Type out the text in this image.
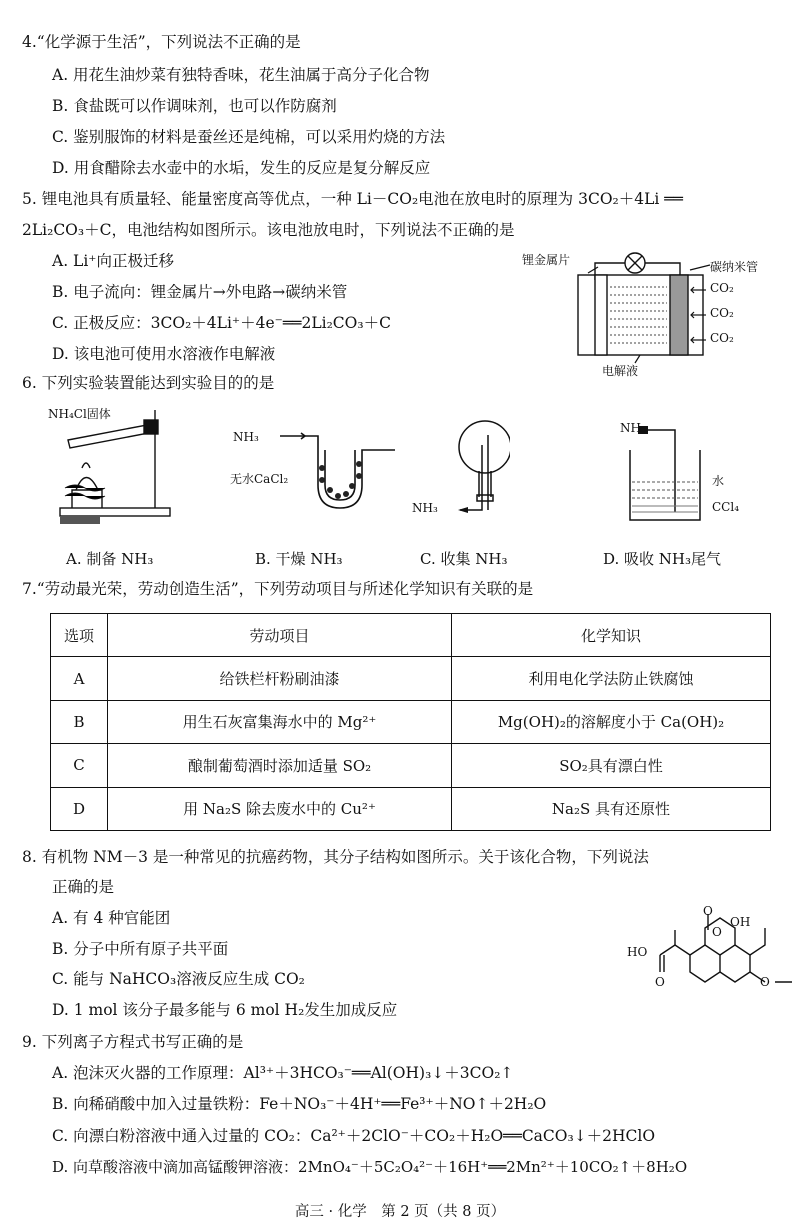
4.“化学源于生活”，下列说法不正确的是
A. 用花生油炒菜有独特香味，花生油属于高分子化合物
B. 食盐既可以作调味剂，也可以作防腐剂
C. 鉴别服饰的材料是蚕丝还是纯棉，可以采用灼烧的方法
D. 用食醋除去水壶中的水垢，发生的反应是复分解反应
5. 锂电池具有质量轻、能量密度高等优点，一种 Li－CO₂电池在放电时的原理为 3CO₂＋4Li ══
2Li₂CO₃＋C，电池结构如图所示。该电池放电时，下列说法不正确的是
A. Li⁺向正极迁移
B. 电子流向：锂金属片→外电路→碳纳米管
C. 正极反应：3CO₂＋4Li⁺＋4e⁻══2Li₂CO₃＋C
D. 该电池可使用水溶液作电解液
锂金属片	碳纳米管
CO₂
CO₂
CO₂
电解液
6. 下列实验装置能达到实验目的的是
NH₄Cl固体
NH₃
无水CaCl₂
NH₃
NH₃
水
CCl₄
A. 制备 NH₃	B. 干燥 NH₃	C. 收集 NH₃	D. 吸收 NH₃尾气
7.“劳动最光荣，劳动创造生活”，下列劳动项目与所述化学知识有关联的是
选项	劳动项目	化学知识
A	给铁栏杆粉刷油漆	利用电化学法防止铁腐蚀
B	用生石灰富集海水中的 Mg²⁺	Mg(OH)₂的溶解度小于 Ca(OH)₂
C	酿制葡萄酒时添加适量 SO₂	SO₂具有漂白性
D	用 Na₂S 除去废水中的 Cu²⁺	Na₂S 具有还原性
8. 有机物 NM－3 是一种常见的抗癌药物，其分子结构如图所示。关于该化合物，下列说法
正确的是
A. 有 4 种官能团
B. 分子中所有原子共平面
C. 能与 NaHCO₃溶液反应生成 CO₂
D. 1 mol 该分子最多能与 6 mol H₂发生加成反应
HO
O
O
OH
O
O
9. 下列离子方程式书写正确的是
A. 泡沫灭火器的工作原理：Al³⁺＋3HCO₃⁻══Al(OH)₃↓＋3CO₂↑
B. 向稀硝酸中加入过量铁粉：Fe＋NO₃⁻＋4H⁺══Fe³⁺＋NO↑＋2H₂O
C. 向漂白粉溶液中通入过量的 CO₂：Ca²⁺＋2ClO⁻＋CO₂＋H₂O══CaCO₃↓＋2HClO
D. 向草酸溶液中滴加高锰酸钾溶液：2MnO₄⁻＋5C₂O₄²⁻＋16H⁺══2Mn²⁺＋10CO₂↑＋8H₂O
高三 · 化学　第 2 页（共 8 页）
